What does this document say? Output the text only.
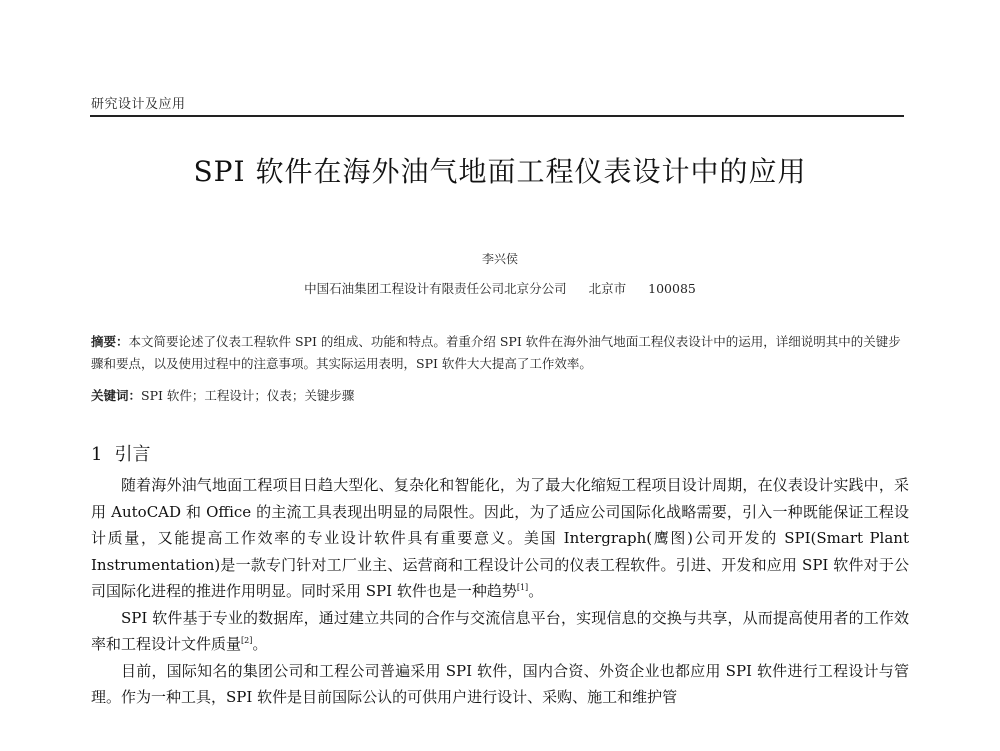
研究设计及应用
SPI 软件在海外油气地面工程仪表设计中的应用
李兴侯
中国石油集团工程设计有限责任公司北京分公司 北京市 100085
摘要：本文简要论述了仪表工程软件 SPI 的组成、功能和特点。着重介绍 SPI 软件在海外油气地面工程仪表设计中的运用，详细说明其中的关键步骤和要点，以及使用过程中的注意事项。其实际运用表明，SPI 软件大大提高了工作效率。
关键词：SPI 软件；工程设计；仪表；关键步骤
1 引言

随着海外油气地面工程项目日趋大型化、复杂化和智能化，为了最大化缩短工程项目设计周期，在仪表设计实践中，采用 AutoCAD 和 Office 的主流工具表现出明显的局限性。因此，为了适应公司国际化战略需要，引入一种既能保证工程设计质量，又能提高工作效率的专业设计软件具有重要意义。美国 Intergraph(鹰图)公司开发的 SPI(Smart Plant Instrumentation)是一款专门针对工厂业主、运营商和工程设计公司的仪表工程软件。引进、开发和应用 SPI 软件对于公司国际化进程的推进作用明显。同时采用 SPI 软件也是一种趋势[1]。

SPI 软件基于专业的数据库，通过建立共同的合作与交流信息平台，实现信息的交换与共享，从而提高使用者的工作效率和工程设计文件质量[2]。

目前，国际知名的集团公司和工程公司普遍采用 SPI 软件，国内合资、外资企业也都应用 SPI 软件进行工程设计与管理。作为一种工具，SPI 软件是目前国际公认的可供用户进行设计、采购、施工和维护管
